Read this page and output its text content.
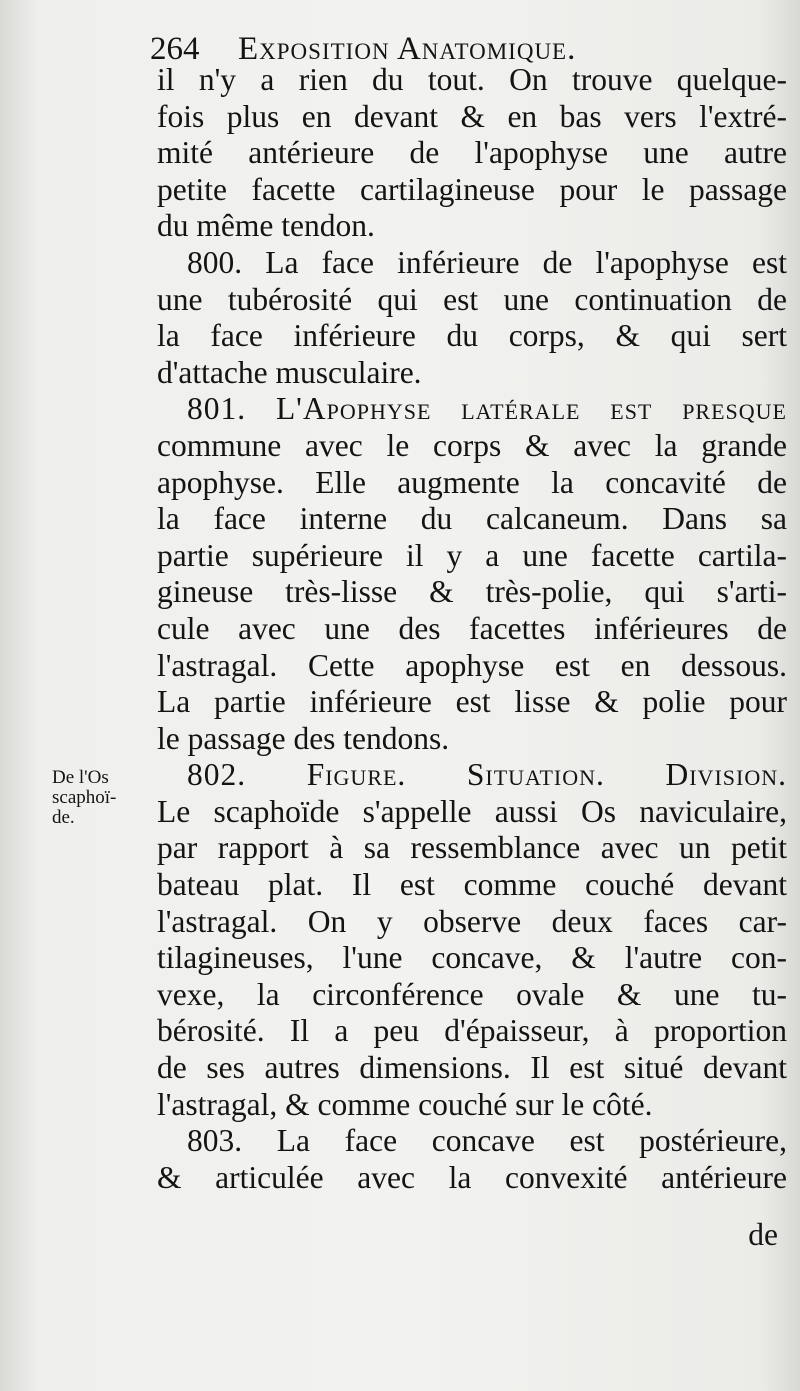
264 Exposition Anatomique.
De l'Os
scaphoï-
de.
il n'y a rien du tout. On trouve quelque-
fois plus en devant & en bas vers l'extré-
mité antérieure de l'apophyse une autre
petite facette cartilagineuse pour le passage
du même tendon.
800. La face inférieure de l'apophyse est
une tubérosité qui est une continuation de
la face inférieure du corps, & qui sert
d'attache musculaire.
801. L'Apophyse latérale est presque
commune avec le corps & avec la grande
apophyse. Elle augmente la concavité de
la face interne du calcaneum. Dans sa
partie supérieure il y a une facette cartila-
gineuse très-lisse & très-polie, qui s'arti-
cule avec une des facettes inférieures de
l'astragal. Cette apophyse est en dessous.
La partie inférieure est lisse & polie pour
le passage des tendons.
802. Figure. Situation. Division.
Le scaphoïde s'appelle aussi Os naviculaire,
par rapport à sa ressemblance avec un petit
bateau plat. Il est comme couché devant
l'astragal. On y observe deux faces car-
tilagineuses, l'une concave, & l'autre con-
vexe, la circonférence ovale & une tu-
bérosité. Il a peu d'épaisseur, à proportion
de ses autres dimensions. Il est situé devant
l'astragal, & comme couché sur le côté.
803. La face concave est postérieure,
& articulée avec la convexité antérieure
de
